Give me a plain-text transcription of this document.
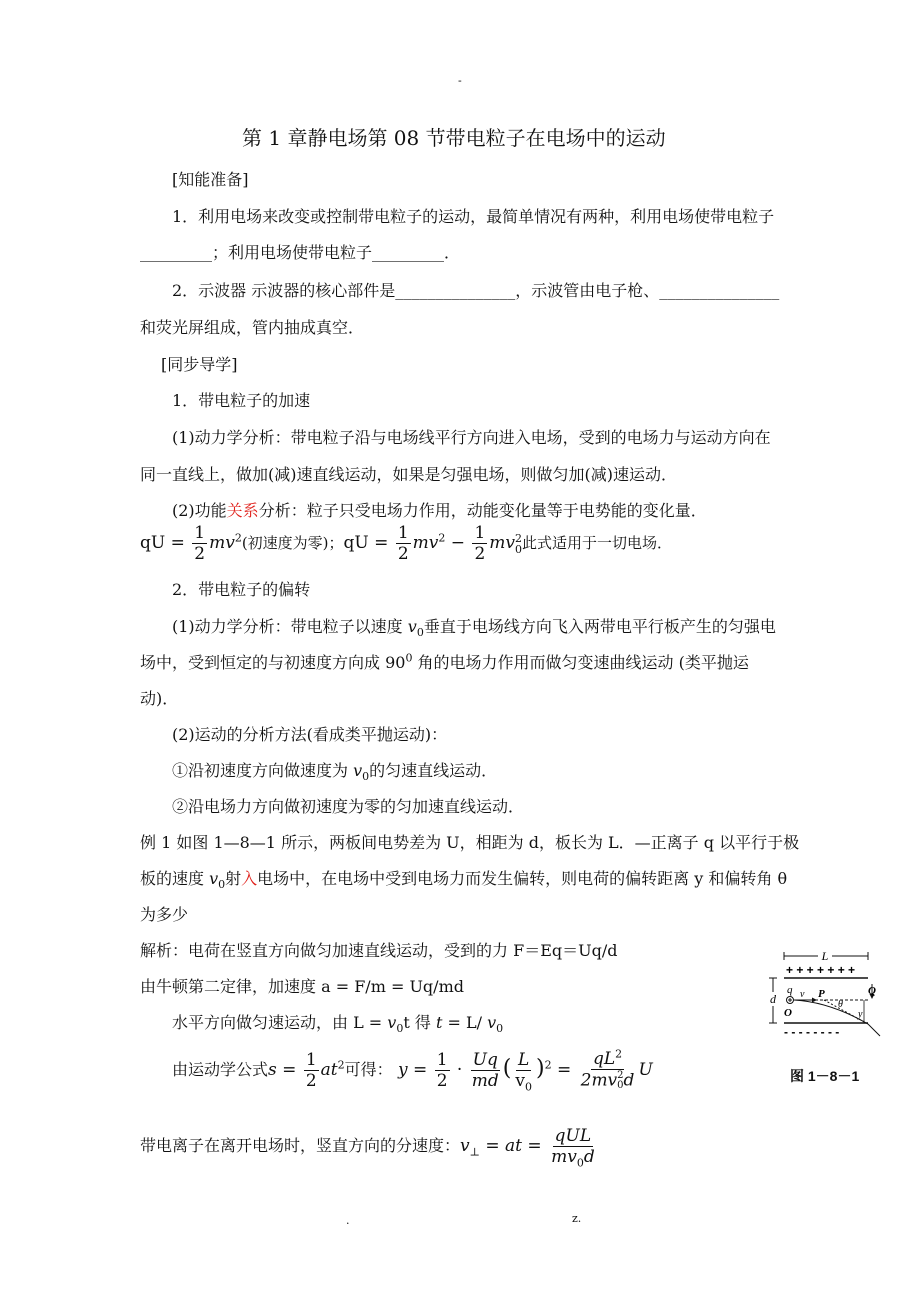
-
第 1 章静电场第 08 节带电粒子在电场中的运动
[知能准备]
1．利用电场来改变或控制带电粒子的运动，最简单情况有两种，利用电场使带电粒子
_________；利用电场使带电粒子_________．
2．示波器 示波器的核心部件是_______________，示波管由电子枪、_______________
和荧光屏组成，管内抽成真空．
[同步导学]
1．带电粒子的加速
(1)动力学分析：带电粒子沿与电场线平行方向进入电场，受到的电场力与运动方向在
同一直线上，做加(减)速直线运动，如果是匀强电场，则做匀加(减)速运动．
(2)功能关系分析：粒子只受电场力作用，动能变化量等于电势能的变化量．
qU = $\frac{1}{2} mv^2$(初速度为零)；qU = $\frac{1}{2} mv^2 - \frac{1}{2}$ mv 2
0 此式适用于一切电场．
2．带电粒子的偏转
(1)动力学分析：带电粒子以速度 $v_0$垂直于电场线方向飞入两带电平行板产生的匀强电
场中，受到恒定的与初速度方向成 $90^0$ 角的电场力作用而做匀变速曲线运动 (类平抛运
动)．
(2)运动的分析方法(看成类平抛运动)：
①沿初速度方向做速度为 $v_0$的匀速直线运动．
②沿电场力方向做初速度为零的匀加速直线运动．
例 1 如图 1—8—1 所示，两板间电势差为 U，相距为 d，板长为 L．—正离子 q 以平行于极
板的速度 $v_0$射入电场中，在电场中受到电场力而发生偏转，则电荷的偏转距离 y 和偏转角 θ
为多少
解析：电荷在竖直方向做匀加速直线运动，受到的力 F＝Eq＝Uq/d
由牛顿第二定律，加速度 a = F/m = Uq/md
水平方向做匀速运动，由 $L = v_0t$ 得 t = L/ $v_0$
由运动学公式$s = \frac{1}{2} at^2$可得： $y = \frac{1}{2} \cdot \frac{Uq}{md}$ ( $\frac{L}{v_0} )^2 = qL^2$
2mv 2
0 d U
带电离子在离开电场时，竖直方向的分速度：$v_\perp$ = at = $\frac{\text{qUL}}{mv_0d}$
L
+ + + + + + +
- - - - - - - -
d
q
O
v P
θ
y
Q
图 1－8－1
.	z.
